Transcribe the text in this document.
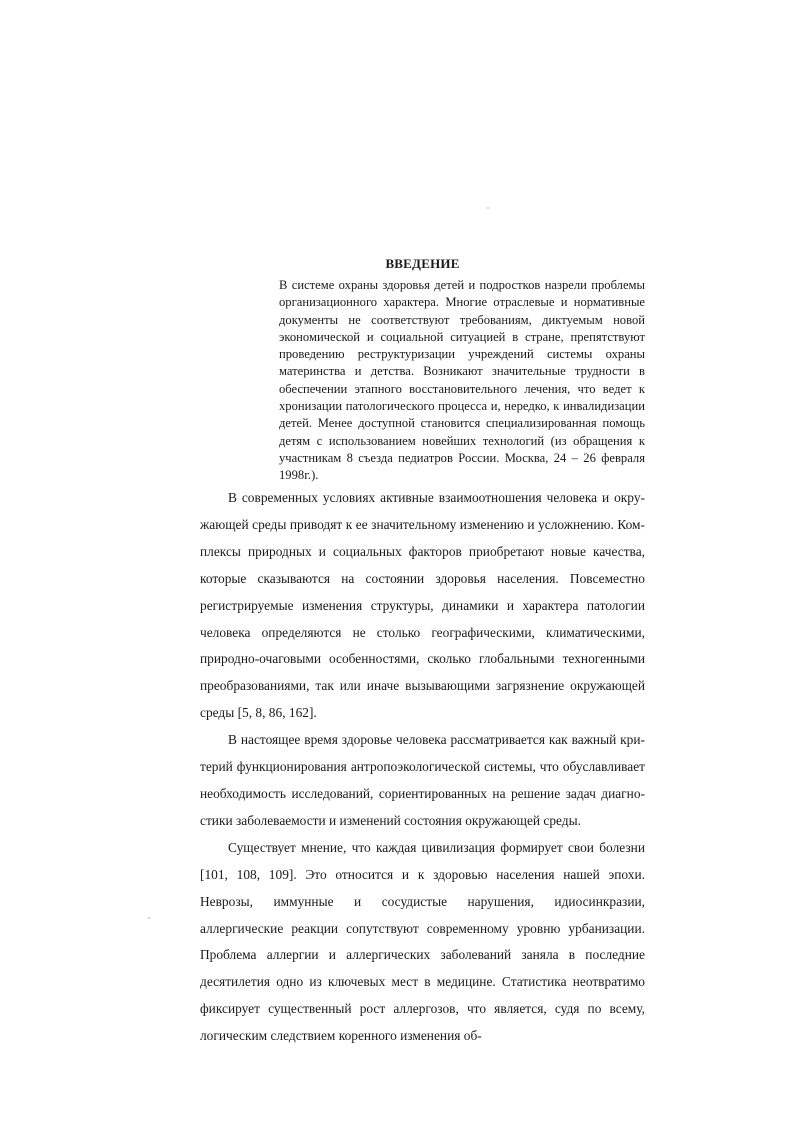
ВВЕДЕНИЕ

В системе охраны здоровья детей и подростков назрели проблемы организационного характера. Многие отраслевые и нормативные документы не соответствуют требованиям, диктуемым новой экономической и социальной ситуацией в стране, препятствуют проведению реструктуризации учреждений системы охраны материнства и детства. Возникают значительные трудности в обеспечении этапного восстановительного лечения, что ведет к хронизации патологического процесса и, нередко, к инвалидизации детей. Менее доступной становится специализированная помощь детям с использованием новейших технологий (из обращения к участникам 8 съезда педиатров России. Москва, 24 – 26 февраля 1998г.).

В современных условиях активные взаимоотношения человека и окружающей среды приводят к ее значительному изменению и усложнению. Комплексы природных и социальных факторов приобретают новые качества, которые сказываются на состоянии здоровья населения. Повсеместно регистрируемые изменения структуры, динамики и характера патологии человека определяются не столько географическими, климатическими, природно-очаговыми особенностями, сколько глобальными техногенными преобразованиями, так или иначе вызывающими загрязнение окружающей среды [5, 8, 86, 162].

В настоящее время здоровье человека рассматривается как важный критерий функционирования антропоэкологической системы, что обуславливает необходимость исследований, сориентированных на решение задач диагностики заболеваемости и изменений состояния окружающей среды.

Существует мнение, что каждая цивилизация формирует свои болезни [101, 108, 109]. Это относится и к здоровью населения нашей эпохи. Неврозы, иммунные и сосудистые нарушения, идиосинкразии, аллергические реакции сопутствуют современному уровню урбанизации. Проблема аллергии и аллергических заболеваний заняла в последние десятилетия одно из ключевых мест в медицине. Статистика неотвратимо фиксирует существенный рост аллергозов, что является, судя по всему, логическим следствием коренного изменения об-
